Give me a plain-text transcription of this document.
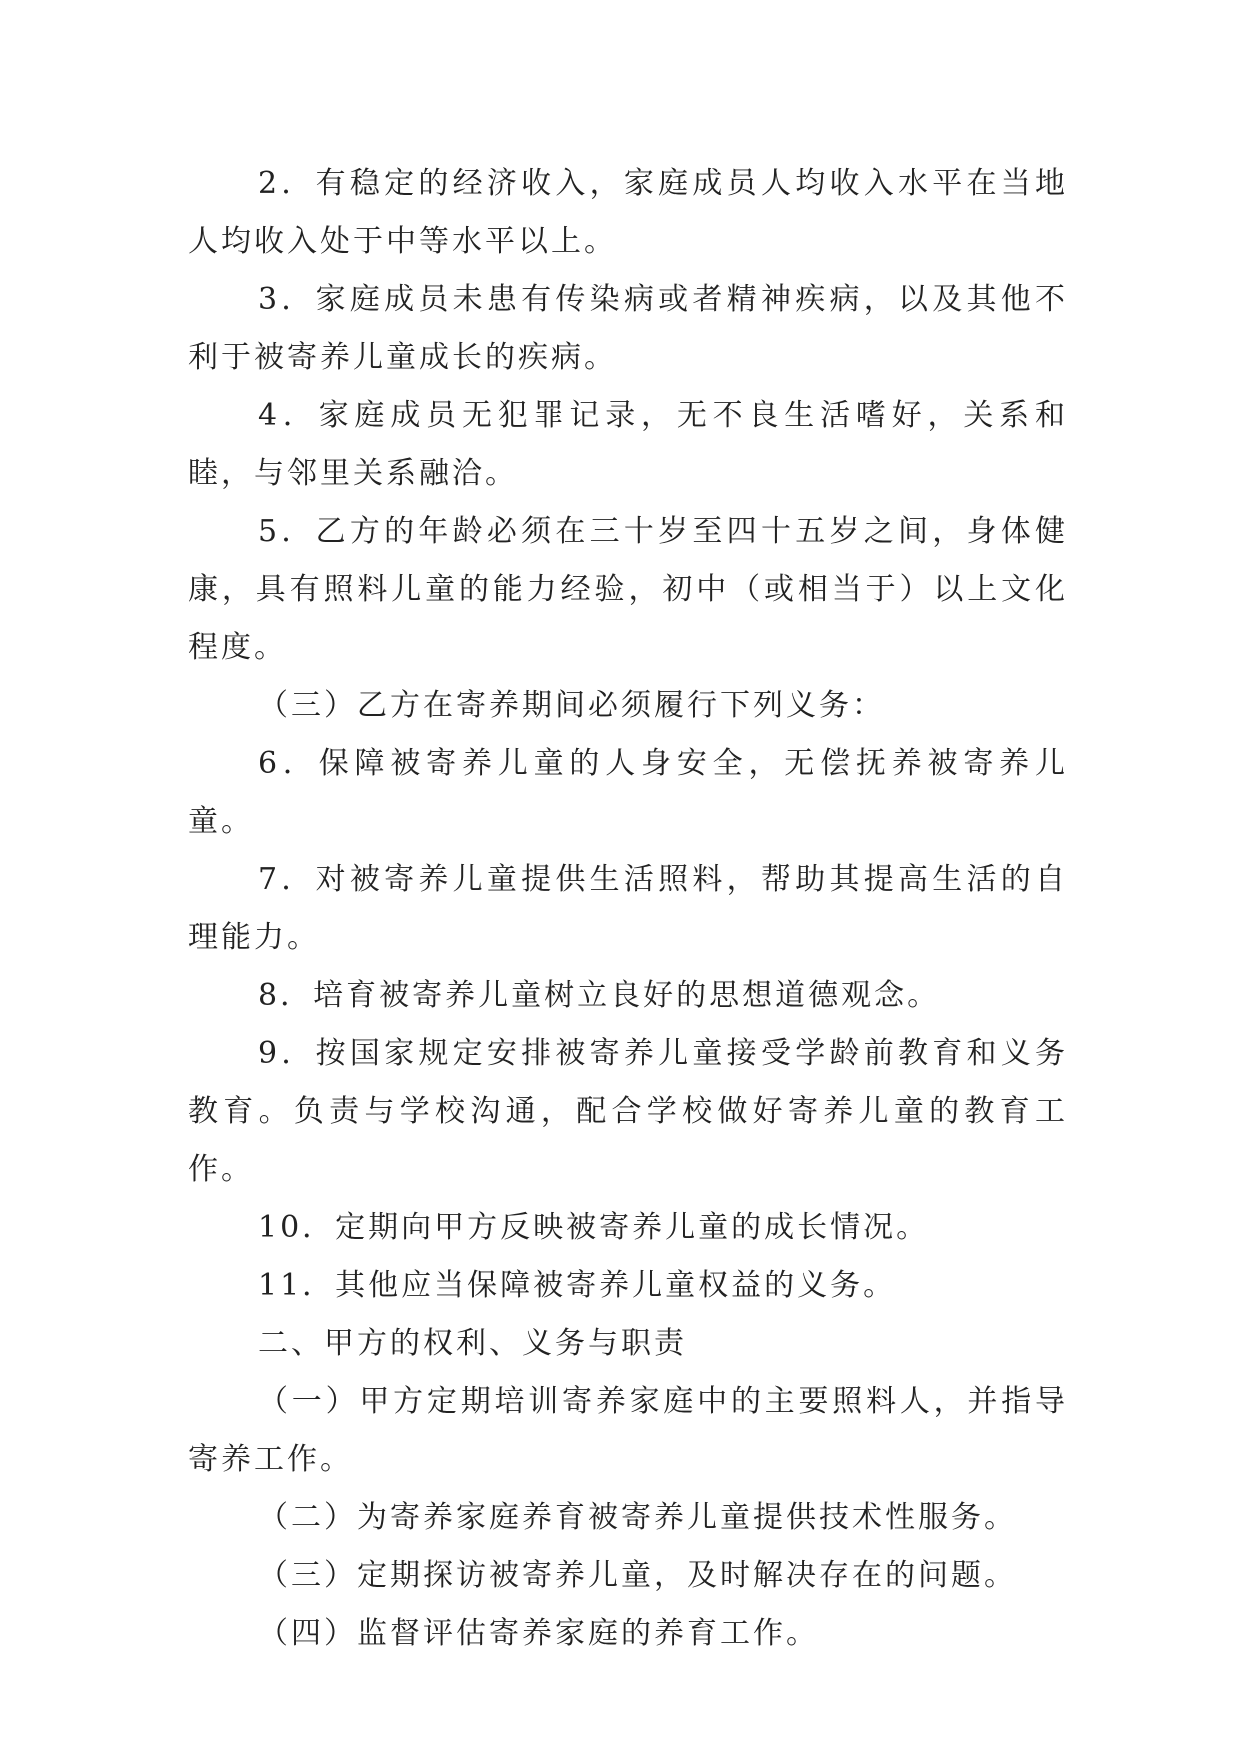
2．有稳定的经济收入，家庭成员人均收入水平在当地人均收入处于中等水平以上。

3．家庭成员未患有传染病或者精神疾病，以及其他不利于被寄养儿童成长的疾病。

4．家庭成员无犯罪记录，无不良生活嗜好，关系和睦，与邻里关系融洽。

5．乙方的年龄必须在三十岁至四十五岁之间，身体健康，具有照料儿童的能力经验，初中（或相当于）以上文化程度。

（三）乙方在寄养期间必须履行下列义务：

6．保障被寄养儿童的人身安全，无偿抚养被寄养儿童。

7．对被寄养儿童提供生活照料，帮助其提高生活的自理能力。

8．培育被寄养儿童树立良好的思想道德观念。

9．按国家规定安排被寄养儿童接受学龄前教育和义务教育。负责与学校沟通，配合学校做好寄养儿童的教育工作。

10．定期向甲方反映被寄养儿童的成长情况。

11．其他应当保障被寄养儿童权益的义务。

二、甲方的权利、义务与职责

（一）甲方定期培训寄养家庭中的主要照料人，并指导寄养工作。

（二）为寄养家庭养育被寄养儿童提供技术性服务。

（三）定期探访被寄养儿童，及时解决存在的问题。

（四）监督评估寄养家庭的养育工作。
